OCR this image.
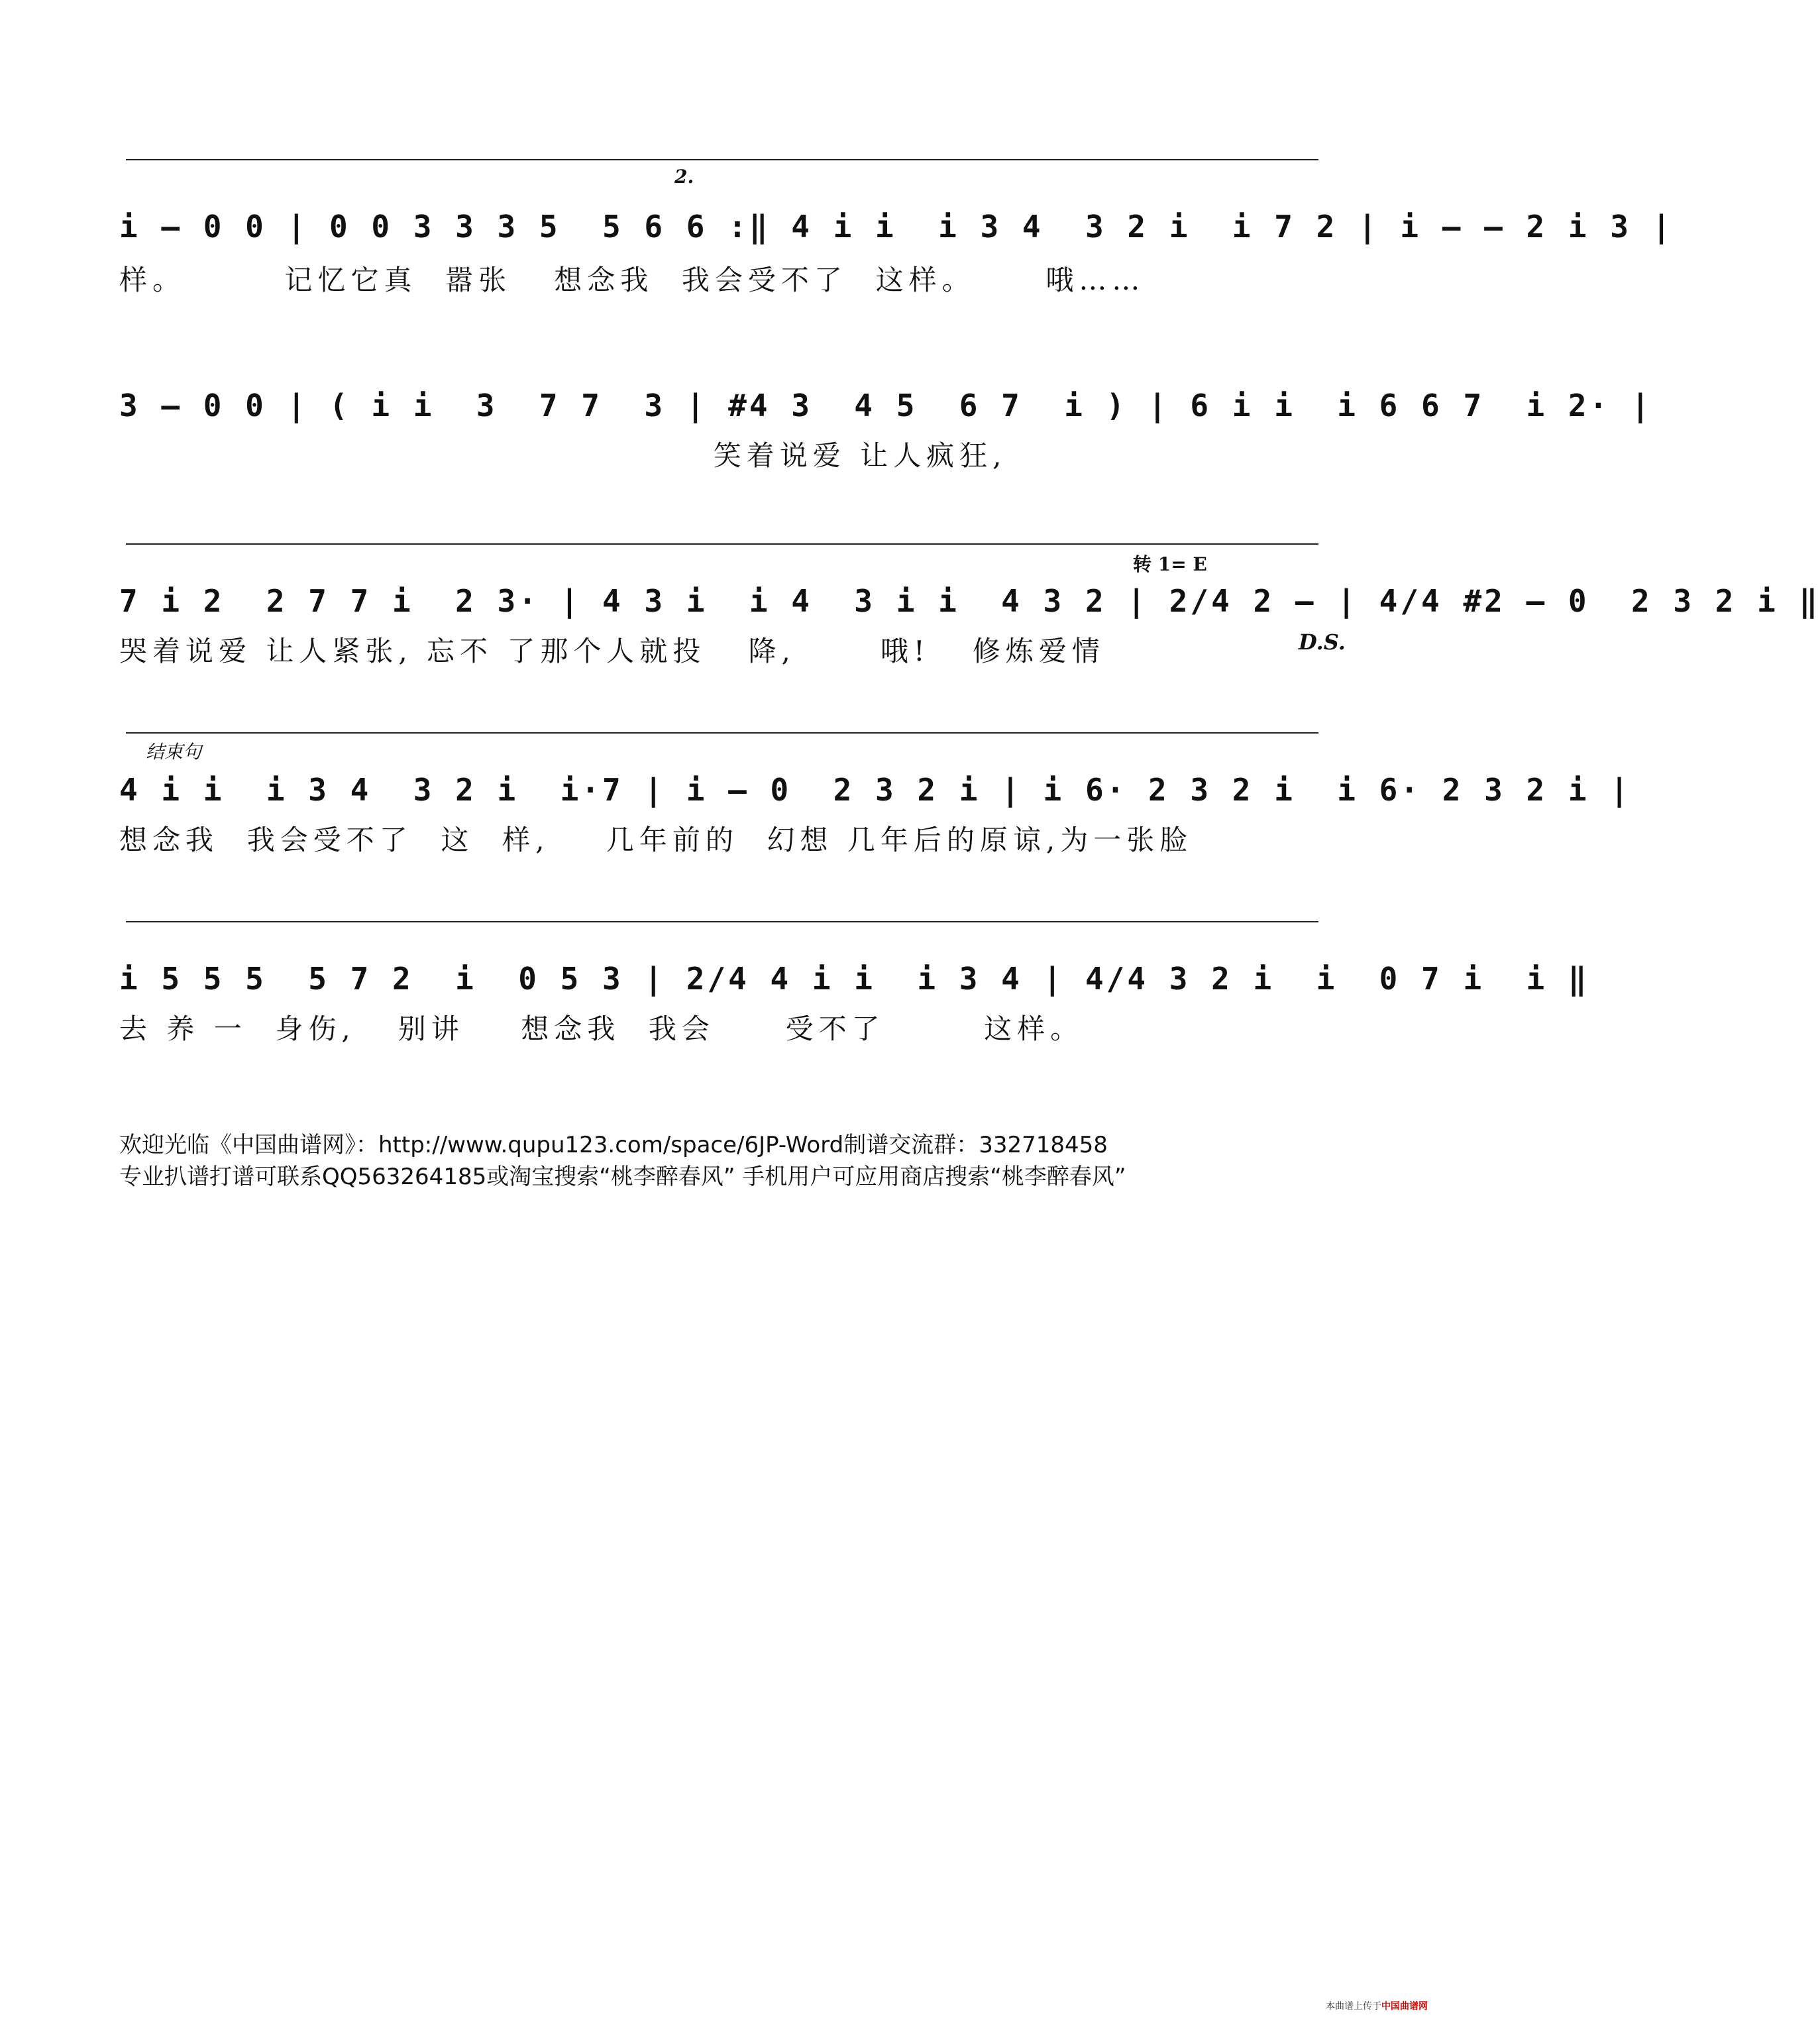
2.
i – 0 0 | 0 0 3 3 3 5  5 6 6 :‖ 4 i i  i 3 4  3 2 i  i 7 2 | i – – 2 i 3 |
样。       记忆它真  嚣张   想念我  我会受不了  这样。     哦……
3 – 0 0 | ( i i  3  7 7  3 | #4 3  4 5  6 7  i ) | 6 i i  i 6 6 7  i 2· |
笑着说爱 让人疯狂,
转 1= E
7 i 2  2 7 7 i  2 3· | 4 3 i  i 4  3 i i  4 3 2 | 2/4 2 – | 4/4 #2 – 0  2 3 2 i ‖
哭着说爱 让人紧张, 忘不 了那个人就投   降,      哦!   修炼爱情	D.S.
结束句
4 i i  i 3 4  3 2 i  i·7 | i – 0  2 3 2 i | i 6· 2 3 2 i  i 6· 2 3 2 i |
想念我  我会受不了  这  样,    几年前的  幻想 几年后的原谅,为一张脸
i 5 5 5  5 7 2  i  0 5 3 | 2/4 4 i i  i 3 4 | 4/4 3 2 i  i  0 7 i  i ‖
去 养 一  身伤,   别讲    想念我  我会     受不了       这样。
欢迎光临《中国曲谱网》：http://www.qupu123.com/space/6JP-Word制谱交流群：332718458
专业扒谱打谱可联系QQ563264185或淘宝搜索“桃李醉春风” 手机用户可应用商店搜索“桃李醉春风”

本曲谱上传于中国曲谱网
